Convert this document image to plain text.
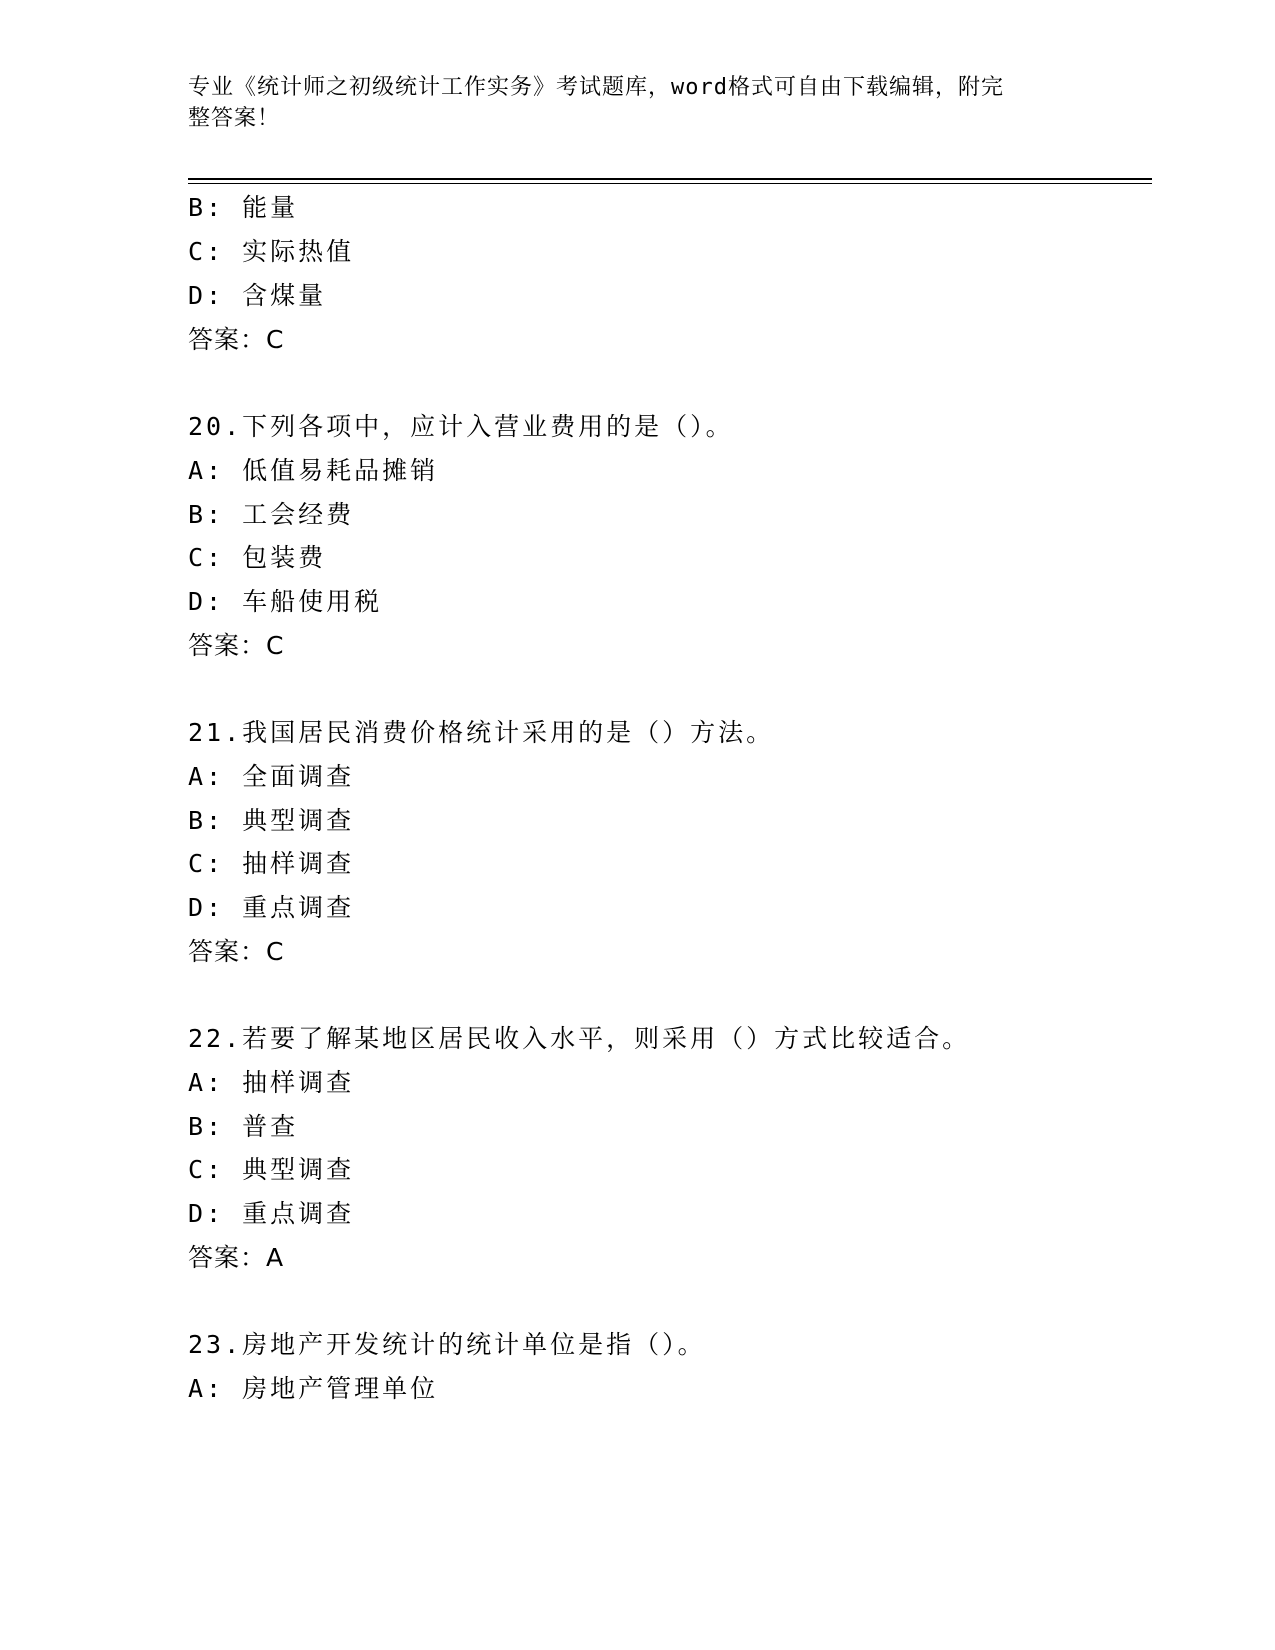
专业《统计师之初级统计工作实务》考试题库，word格式可自由下载编辑，附完
整答案！
B: 能量
C: 实际热值
D: 含煤量
答案：C
20.下列各项中，应计入营业费用的是（）。
A: 低值易耗品摊销
B: 工会经费
C: 包装费
D: 车船使用税
答案：C
21.我国居民消费价格统计采用的是（）方法。
A: 全面调查
B: 典型调查
C: 抽样调查
D: 重点调查
答案：C
22.若要了解某地区居民收入水平，则采用（）方式比较适合。
A: 抽样调查
B: 普查
C: 典型调查
D: 重点调查
答案：A
23.房地产开发统计的统计单位是指（）。
A: 房地产管理单位
